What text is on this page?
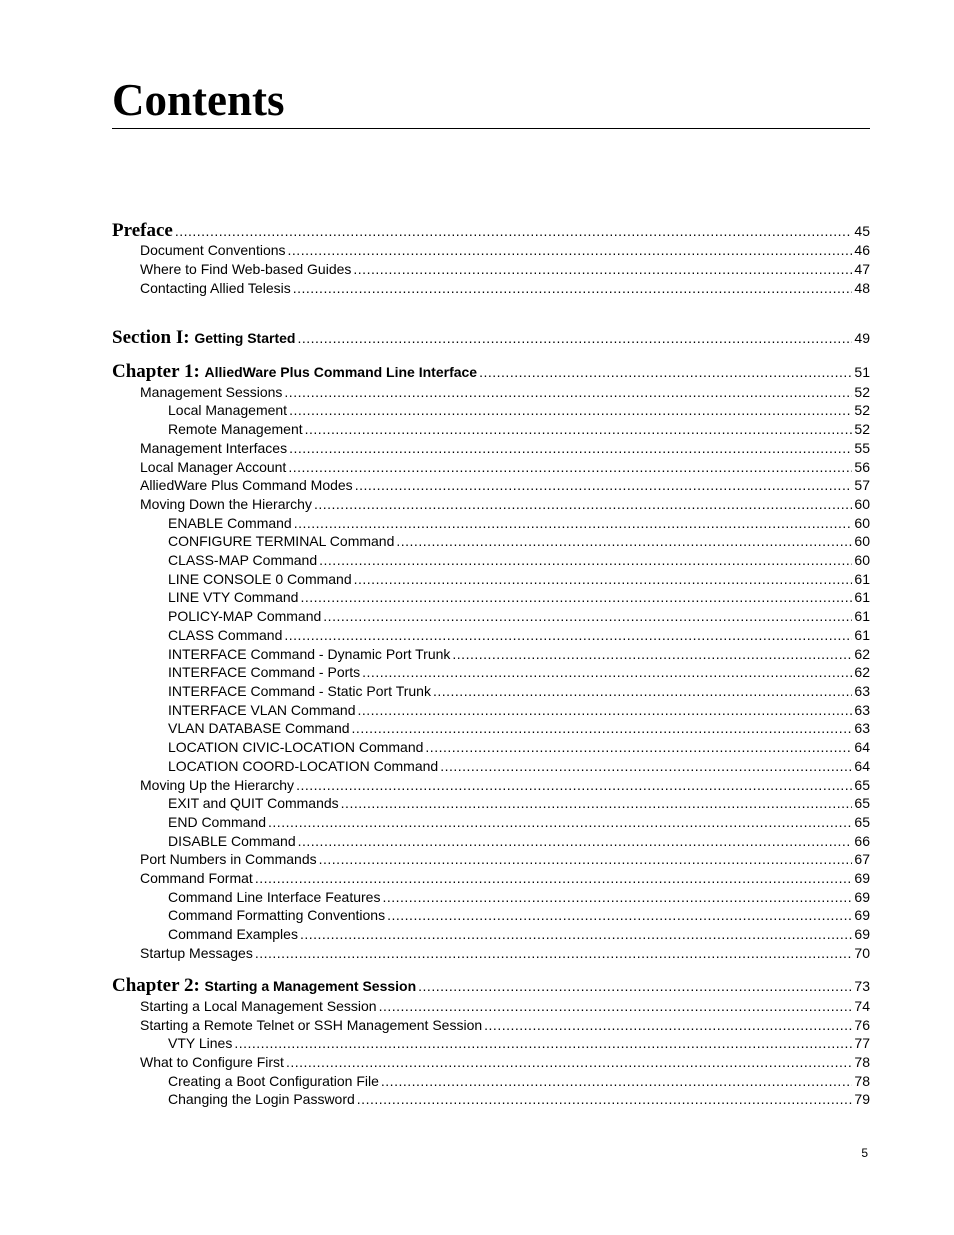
Contents
Preface .....	45
Document Conventions .....	46
Where to Find Web-based Guides .....	47
Contacting Allied Telesis .....	48
Section I: Getting Started .....	49
Chapter 1: AlliedWare Plus Command Line Interface .....	51
Management Sessions .....	52
Local Management .....	52
Remote Management .....	52
Management Interfaces .....	55
Local Manager Account .....	56
AlliedWare Plus Command Modes .....	57
Moving Down the Hierarchy .....	60
ENABLE Command .....	60
CONFIGURE TERMINAL Command .....	60
CLASS-MAP Command .....	60
LINE CONSOLE 0 Command .....	61
LINE VTY Command .....	61
POLICY-MAP Command .....	61
CLASS Command .....	61
INTERFACE Command - Dynamic Port Trunk .....	62
INTERFACE Command - Ports .....	62
INTERFACE Command - Static Port Trunk .....	63
INTERFACE VLAN Command .....	63
VLAN DATABASE Command .....	63
LOCATION CIVIC-LOCATION Command .....	64
LOCATION COORD-LOCATION Command .....	64
Moving Up the Hierarchy .....	65
EXIT and QUIT Commands .....	65
END Command .....	65
DISABLE Command .....	66
Port Numbers in Commands .....	67
Command Format .....	69
Command Line Interface Features .....	69
Command Formatting Conventions .....	69
Command Examples .....	69
Startup Messages .....	70
Chapter 2: Starting a Management Session .....	73
Starting a Local Management Session .....	74
Starting a Remote Telnet or SSH Management Session .....	76
VTY Lines .....	77
What to Configure First .....	78
Creating a Boot Configuration File .....	78
Changing the Login Password .....	79
5
